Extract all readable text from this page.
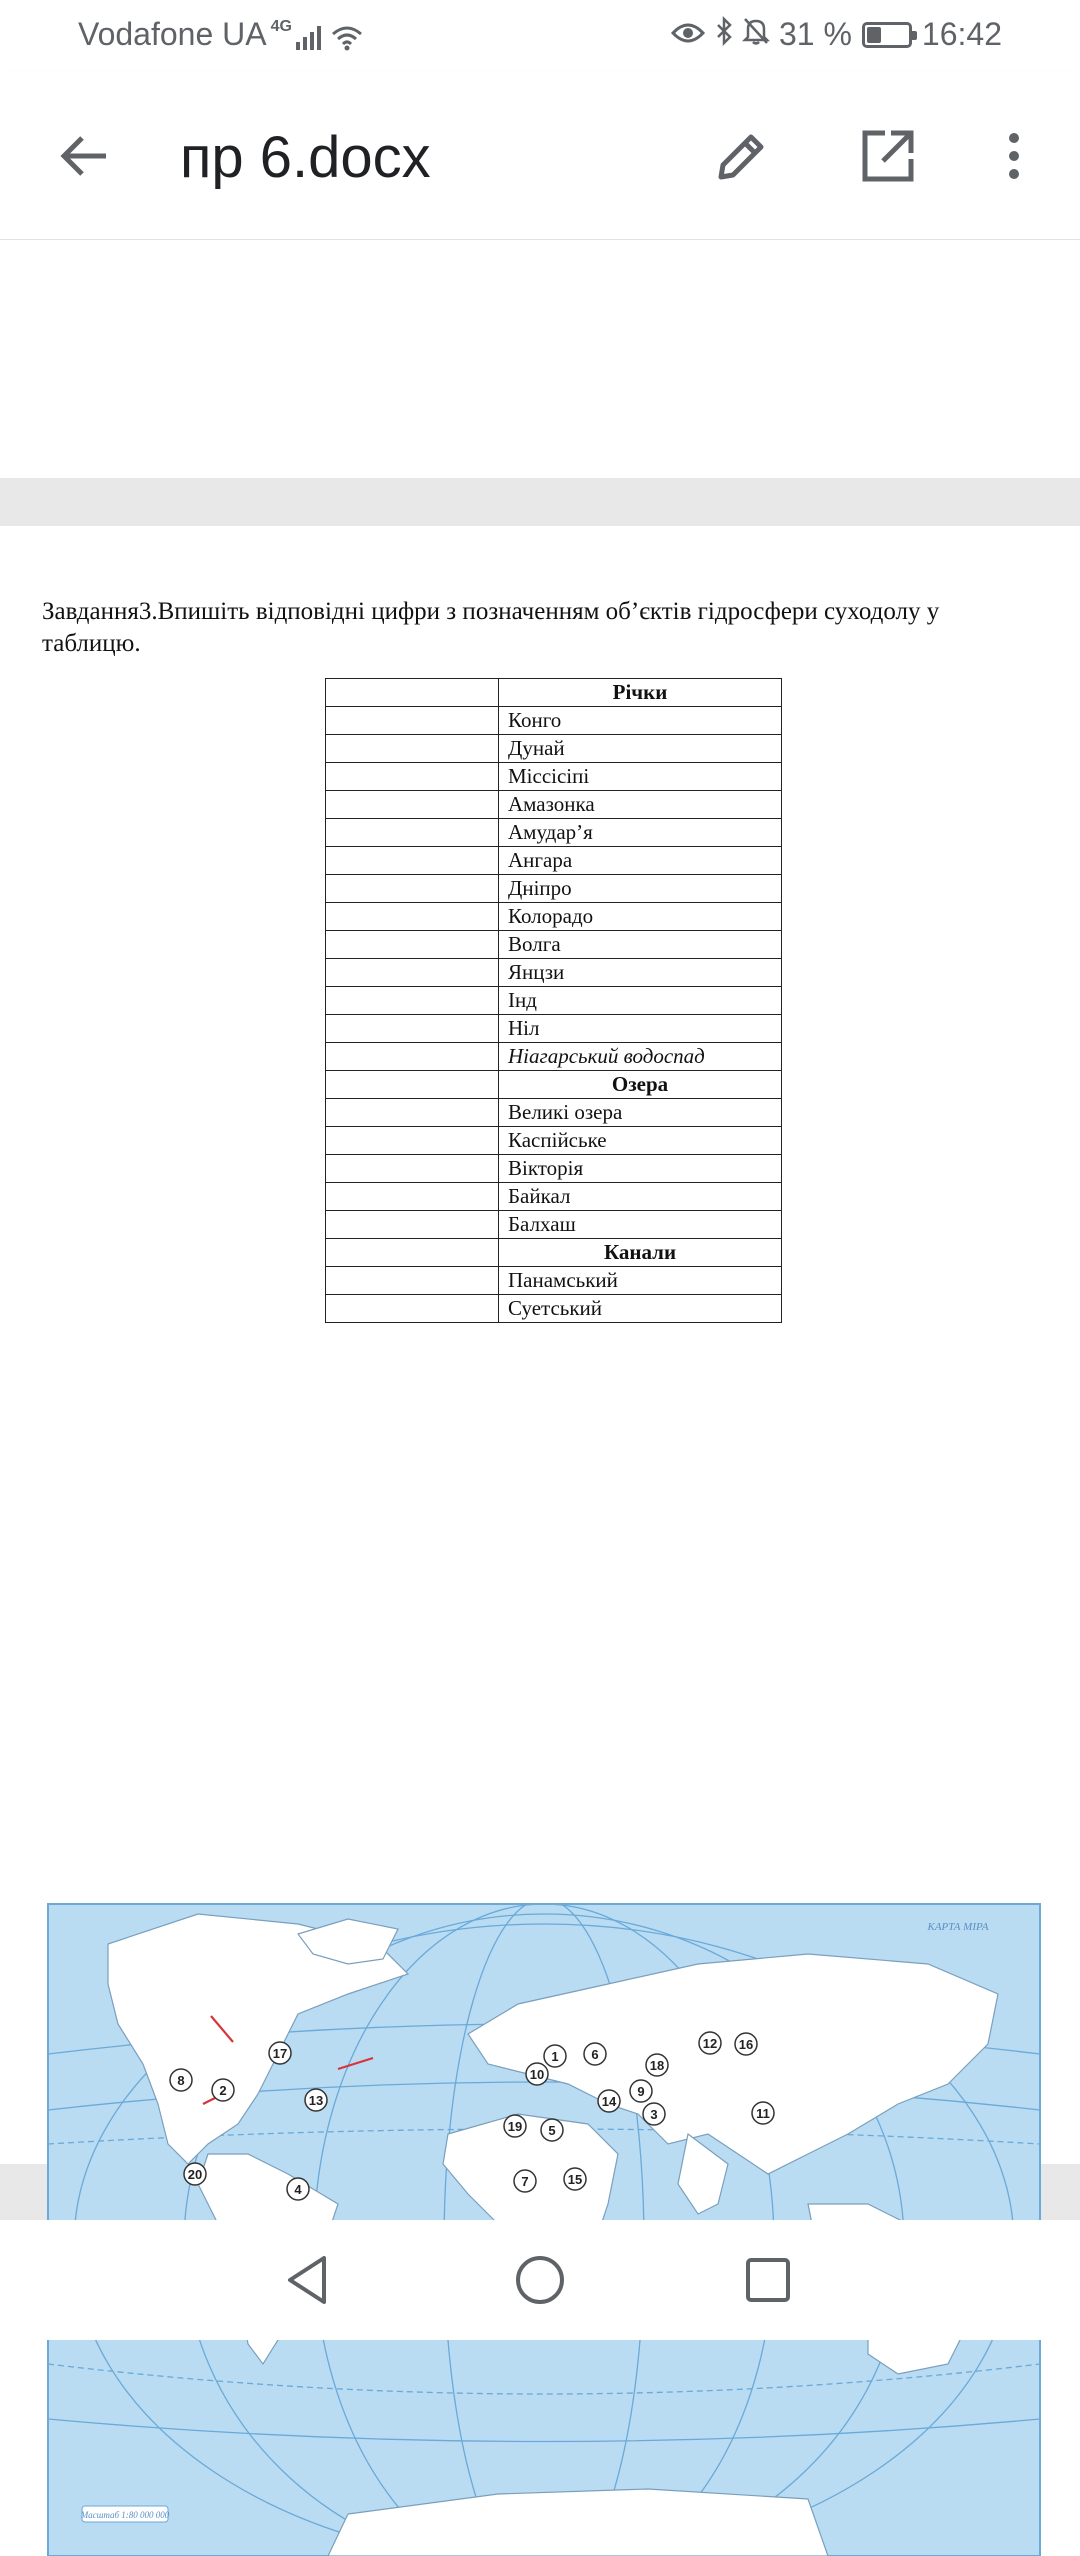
Vodafone UA 4G	31 % 16:42
пр 6.docx
Завдання3.Впишіть відповідні цифри з позначенням об’єктів гідросфери суходолу у таблицю.
	Річки
	Конго
	Дунай
	Міссісіпі
	Амазонка
	Амудар’я
	Ангара
	Дніпро
	Колорадо
	Волга
	Янцзи
	Інд
	Ніл
	Ніагарський водоспад
	Озера
	Великі озера
	Каспійське
	Вікторія
	Байкал
	Балхаш
	Канали
	Панамський
	Суетський
Масштаб 1:80 000 000
КАРТА МІРА
1
2
3
4
5
6
7
8
9
10
11
12
13	14
15
16
17
18
19
20
